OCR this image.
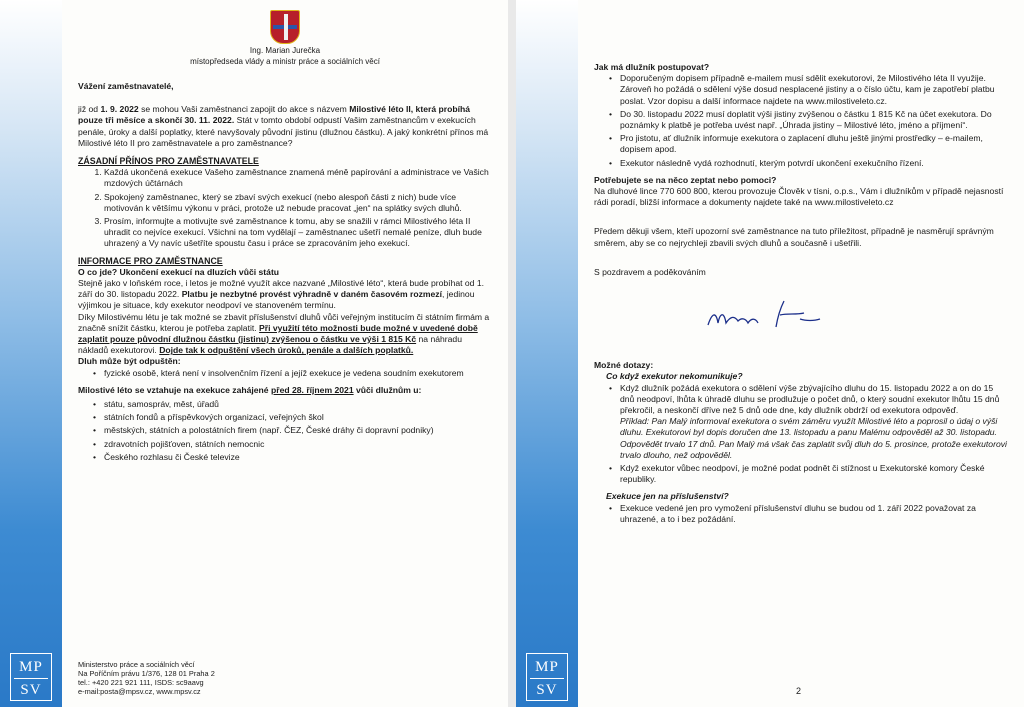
MP
SV
Ing. Marian Jurečka
místopředseda vlády a ministr práce a sociálních věcí

Vážení zaměstnavatelé,

již od 1. 9. 2022 se mohou Vaši zaměstnanci zapojit do akce s názvem Milostivé léto II, která probíhá pouze tři měsíce a skončí 30. 11. 2022. Stát v tomto období odpustí Vašim zaměstnancům v exekucích penále, úroky a další poplatky, které navyšovaly původní jistinu (dlužnou částku). A jaký konkrétní přínos má Milostivé léto II pro zaměstnavatele a pro zaměstnance?

ZÁSADNÍ PŘÍNOS PRO ZAMĚSTNAVATELE
1. Každá ukončená exekuce Vašeho zaměstnance znamená méně papírování a administrace ve Vašich mzdových účtárnách
2. Spokojený zaměstnanec, který se zbaví svých exekucí (nebo alespoň části z nich) bude více motivován k většímu výkonu v práci, protože už nebude pracovat „jen“ na splátky svých dluhů.
3. Prosím, informujte a motivujte své zaměstnance k tomu, aby se snažili v rámci Milostivého léta II uhradit co nejvíce exekucí. Všichni na tom vydělají – zaměstnanec ušetří nemalé peníze, dluh bude uhrazený a Vy navíc ušetříte spoustu času i práce se zpracováním jeho exekucí.
INFORMACE PRO ZAMĚSTNANCE
O co jde? Ukončení exekucí na dluzích vůči státu
Stejně jako v loňském roce, i letos je možné využít akce nazvané „Milostivé léto“, která bude probíhat od 1. září do 30. listopadu 2022. Platbu je nezbytné provést výhradně v daném časovém rozmezí, jedinou výjimkou je situace, kdy exekutor neodpoví ve stanoveném termínu.
Díky Milostivému létu je tak možné se zbavit příslušenství dluhů vůči veřejným institucím či státním firmám a značně snížit částku, kterou je potřeba zaplatit. Při využití této možnosti bude možné v uvedené době zaplatit pouze původní dlužnou částku (jistinu) zvýšenou o částku ve výši 1 815 Kč na náhradu nákladů exekutorovi. Dojde tak k odpuštění všech úroků, penále a dalších poplatků.
Dluh může být odpuštěn:
• fyzické osobě, která není v insolvenčním řízení a jejíž exekuce je vedena soudním exekutorem

Milostivé léto se vztahuje na exekuce zahájené před 28. říjnem 2021 vůči dlužnům u:

• státu, samospráv, měst, úřadů
• státních fondů a příspěvkových organizací, veřejných škol
• městských, státních a polostátních firem (např. ČEZ, České dráhy či dopravní podniky)
• zdravotních pojišťoven, státních nemocnic
• Českého rozhlasu či České televize
Ministerstvo práce a sociálních věcí
Na Poříčním právu 1/376, 128 01 Praha 2
tel.: +420 221 921 111, ISDS: sc9aavg
e-mail:posta@mpsv.cz, www.mpsv.cz
MP
SV
Jak má dlužník postupovat?
• Doporučeným dopisem případně e-mailem musí sdělit exekutorovi, že Milostivého léta II využije. Zároveň ho požádá o sdělení výše dosud nesplacené jistiny a o číslo účtu, kam je zapotřebí platbu poslat. Vzor dopisu a další informace najdete na www.milostiveleto.cz.
• Do 30. listopadu 2022 musí doplatit výši jistiny zvýšenou o částku 1 815 Kč na účet exekutora. Do poznámky k platbě je potřeba uvést např. „Úhrada jistiny – Milostivé léto, jméno a příjmení“.
• Pro jistotu, ať dlužník informuje exekutora o zaplacení dluhu ještě jinými prostředky – e-mailem, dopisem apod.
• Exekutor následně vydá rozhodnutí, kterým potvrdí ukončení exekučního řízení.
Potřebujete se na něco zeptat nebo pomoci?

Na dluhové lince 770 600 800, kterou provozuje Člověk v tísni, o.p.s., Vám i dlužníkům v případě nejasností rádi poradí, bližší informace a dokumenty najdete také na www.milostiveleto.cz

Předem děkuji všem, kteří upozorní své zaměstnance na tuto příležitost, případně je nasměrují správným směrem, aby se co nejrychleji zbavili svých dluhů a současně i ušetřili.

S pozdravem a poděkováním

Možné dotazy:
Co když exekutor nekomunikuje?
• Když dlužník požádá exekutora o sdělení výše zbývajícího dluhu do 15. listopadu 2022 a on do 15 dnů neodpoví, lhůta k úhradě dluhu se prodlužuje o počet dnů, o který soudní exekutor lhůtu 15 dnů překročil, a neskončí dříve než 5 dnů ode dne, kdy dlužník obdrží od exekutora odpověď.
Příklad: Pan Malý informoval exekutora o svém záměru využít Milostivé léto a poprosil o údaj o výši dluhu. Exekutorovi byl dopis doručen dne 13. listopadu a panu Malému odpověděl až 30. listopadu. Odpovědět trvalo 17 dnů. Pan Malý má však čas zaplatit svůj dluh do 5. prosince, protože exekutorovi trvalo dlouho, než odpověděl.
• Když exekutor vůbec neodpoví, je možné podat podnět či stížnost u Exekutorské komory České republiky.
Exekuce jen na příslušenství?
• Exekuce vedené jen pro vymožení příslušenství dluhu se budou od 1. září 2022 považovat za uhrazené, a to i bez požádání.
2
